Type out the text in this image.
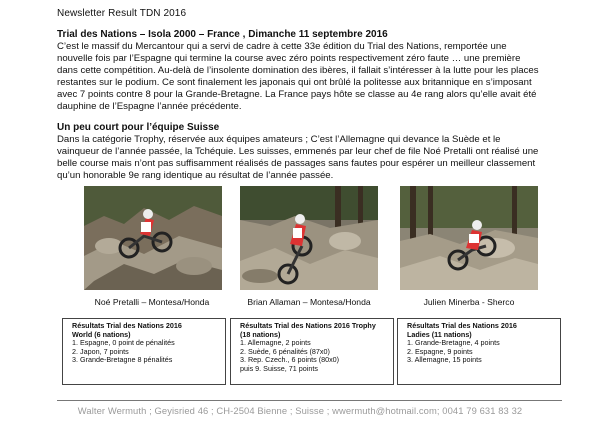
Newsletter Result TDN 2016
Trial des Nations – Isola 2000 – France , Dimanche 11 septembre 2016

C’est le massif du Mercantour qui a servi de cadre à cette 33e édition du Trial des Nations, remportée une
nouvelle fois par l’Espagne qui termine la course avec zéro points respectivement zéro faute … une première
dans cette compétition. Au-delà de l’insolente domination des ibères, il fallait s’intéresser à la lutte pour les places
restantes sur le podium. Ce sont finalement les japonais qui ont brûlé la politesse aux britannique en s’imposant
avec 7 points contre 8 pour la Grande-Bretagne. La France pays hôte se classe au 4e rang alors qu’elle avait été
dauphine de l’Espagne l’année précédente.

Un peu court pour l’équipe Suisse

Dans la catégorie Trophy, réservée aux équipes amateurs ; C’est l’Allemagne qui devance la Suède et le
vainqueur de l’année passée, la Tchéquie. Les suisses, emmenés par leur chef de file Noé Pretalli ont réalisé une
belle course mais n’ont pas suffisamment réalisés de passages sans fautes pour espérer un meilleur classement
qu’un honorable 9e rang identique au résultat de l’année passée.

Noé Pretalli – Montesa/Honda	Brian Allaman – Montesa/Honda	Julien Minerba - Sherco
Résultats Trial des Nations 2016
World (6 nations)
1. Espagne, 0 point de pénalités
2. Japon, 7 points
3. Grande-Bretagne 8 pénalités
Résultats Trial des Nations 2016 Trophy
(18 nations)
1. Allemagne, 2 points
2. Suède, 6 pénalités (87x0)
3. Rep. Czech., 6 points (80x0)
puis 9. Suisse, 71 points
Résultats Trial des Nations 2016
Ladies (11 nations)
1. Grande-Bretagne, 4 points
2. Espagne, 9 points
3. Allemagne, 15 points
Walter Wermuth ; Geyisried 46 ; CH-2504 Bienne ; Suisse ; wwermuth@hotmail.com; 0041 79 631 83 32
